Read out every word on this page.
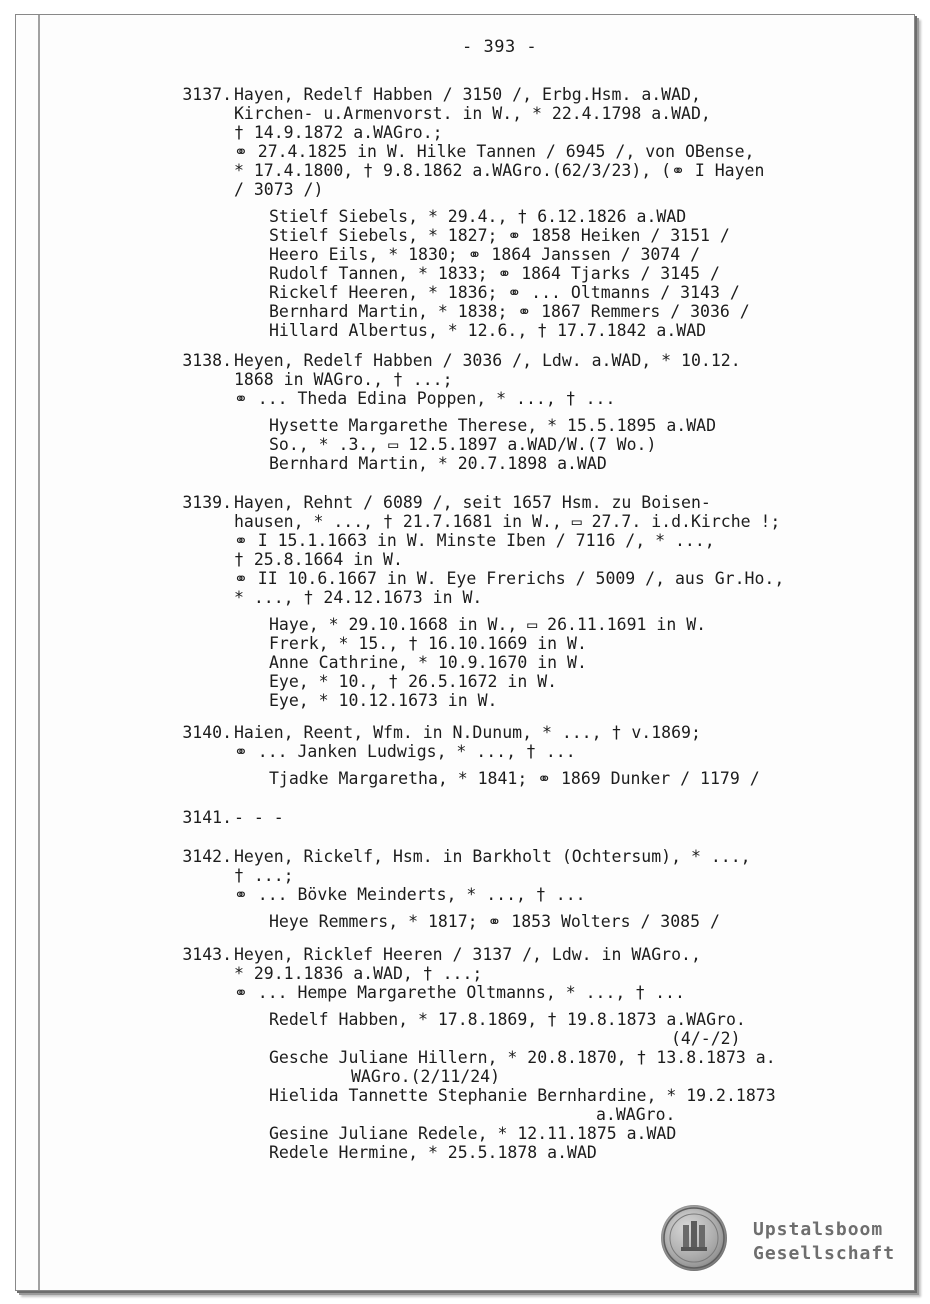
- 393 -
3137. Hayen, Redelf Habben / 3150 /, Erbg.Hsm. a.WAD,
Kirchen- u.Armenvorst. in W., * 22.4.1798 a.WAD,
† 14.9.1872 a.WAGro.;
⚭ 27.4.1825 in W. Hilke Tannen / 6945 /, von OBense,
* 17.4.1800, † 9.8.1862 a.WAGro.(62/3/23), (⚭ I Hayen
/ 3073 /)
Stielf Siebels, * 29.4., † 6.12.1826 a.WAD
Stielf Siebels, * 1827; ⚭ 1858 Heiken / 3151 /
Heero Eils, * 1830; ⚭ 1864 Janssen / 3074 /
Rudolf Tannen, * 1833; ⚭ 1864 Tjarks / 3145 /
Rickelf Heeren, * 1836; ⚭ ... Oltmanns / 3143 /
Bernhard Martin, * 1838; ⚭ 1867 Remmers / 3036 /
Hillard Albertus, * 12.6., † 17.7.1842 a.WAD
3138. Heyen, Redelf Habben / 3036 /, Ldw. a.WAD, * 10.12.
1868 in WAGro., † ...;
⚭ ... Theda Edina Poppen, * ..., † ...
Hysette Margarethe Therese, * 15.5.1895 a.WAD
So., * .3., ▭ 12.5.1897 a.WAD/W.(7 Wo.)
Bernhard Martin, * 20.7.1898 a.WAD
3139. Hayen, Rehnt / 6089 /, seit 1657 Hsm. zu Boisen-
hausen, * ..., † 21.7.1681 in W., ▭ 27.7. i.d.Kirche !;
⚭ I 15.1.1663 in W. Minste Iben / 7116 /, * ...,
† 25.8.1664 in W.
⚭ II 10.6.1667 in W. Eye Frerichs / 5009 /, aus Gr.Ho.,
* ..., † 24.12.1673 in W.
Haye, * 29.10.1668 in W., ▭ 26.11.1691 in W.
Frerk, * 15., † 16.10.1669 in W.
Anne Cathrine, * 10.9.1670 in W.
Eye, * 10., † 26.5.1672 in W.
Eye, * 10.12.1673 in W.
3140. Haien, Reent, Wfm. in N.Dunum, * ..., † v.1869;
⚭ ... Janken Ludwigs, * ..., † ...
Tjadke Margaretha, * 1841; ⚭ 1869 Dunker / 1179 /
3141. - - -
3142. Heyen, Rickelf, Hsm. in Barkholt (Ochtersum), * ...,
† ...;
⚭ ... Bövke Meinderts, * ..., † ...
Heye Remmers, * 1817; ⚭ 1853 Wolters / 3085 /
3143. Heyen, Ricklef Heeren / 3137 /, Ldw. in WAGro.,
* 29.1.1836 a.WAD, † ...;
⚭ ... Hempe Margarethe Oltmanns, * ..., † ...
Redelf Habben, * 17.8.1869, † 19.8.1873 a.WAGro.
(4/-/2)
Gesche Juliane Hillern, * 20.8.1870, † 13.8.1873 a.
WAGro.(2/11/24)
Hielida Tannette Stephanie Bernhardine, * 19.2.1873
a.WAGro.
Gesine Juliane Redele, * 12.11.1875 a.WAD
Redele Hermine, * 25.5.1878 a.WAD
Upstalsboom
Gesellschaft
